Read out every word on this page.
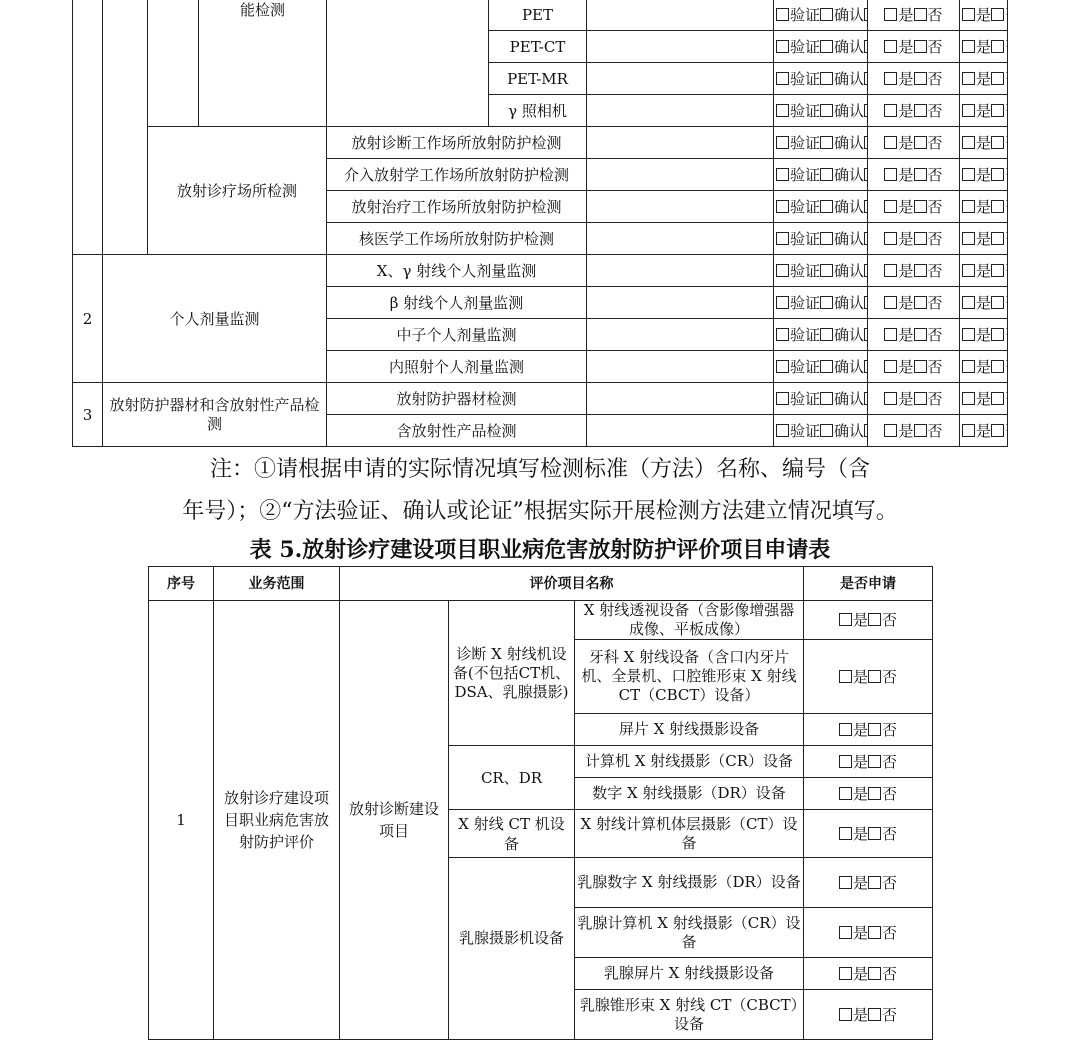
			能检测		PET		验证 确认	是 否	是
					PET-CT		验证 确认	是 否	是
					PET-MR		验证 确认	是 否	是
					γ 照相机		验证 确认	是 否	是
		放射诊疗场所检测		放射诊断工作场所放射防护检测			验证 确认	是 否	是
				介入放射学工作场所放射防护检测			验证 确认	是 否	是
				放射治疗工作场所放射防护检测			验证 确认	是 否	是
				核医学工作场所放射防护检测			验证 确认	是 否	是
2	个人剂量监测			X、γ 射线个人剂量监测			验证 确认	是 否	是
				β 射线个人剂量监测			验证 确认	是 否	是
				中子个人剂量监测			验证 确认	是 否	是
				内照射个人剂量监测			验证 确认	是 否	是
3	放射防护器材和含放射性产品检测			放射防护器材检测			验证 确认	是 否	是
				含放射性产品检测			验证 确认	是 否	是
注：①请根据申请的实际情况填写检测标准（方法）名称、编号（含
年号）；②“方法验证、确认或论证”根据实际开展检测方法建立情况填写。
表 5.放射诊疗建设项目职业病危害放射防护评价项目申请表
序号	业务范围	评价项目名称			是否申请
1	放射诊疗建设项目职业病危害放射防护评价	放射诊断建设项目	诊断 X 射线机设备(不包括CT机、DSA、乳腺摄影)	X 射线透视设备（含影像增强器成像、平板成像）	是 否
				牙科 X 射线设备（含口内牙片机、全景机、口腔锥形束 X 射线 CT（CBCT）设备）	是 否
				屏片 X 射线摄影设备	是 否
			CR、DR	计算机 X 射线摄影（CR）设备	是 否
				数字 X 射线摄影（DR）设备	是 否
			X 射线 CT 机设备	X 射线计算机体层摄影（CT）设备	是 否
			乳腺摄影机设备	乳腺数字 X 射线摄影（DR）设备	是 否
				乳腺计算机 X 射线摄影（CR）设备	是 否
				乳腺屏片 X 射线摄影设备	是 否
				乳腺锥形束 X 射线 CT（CBCT）设备	是 否
